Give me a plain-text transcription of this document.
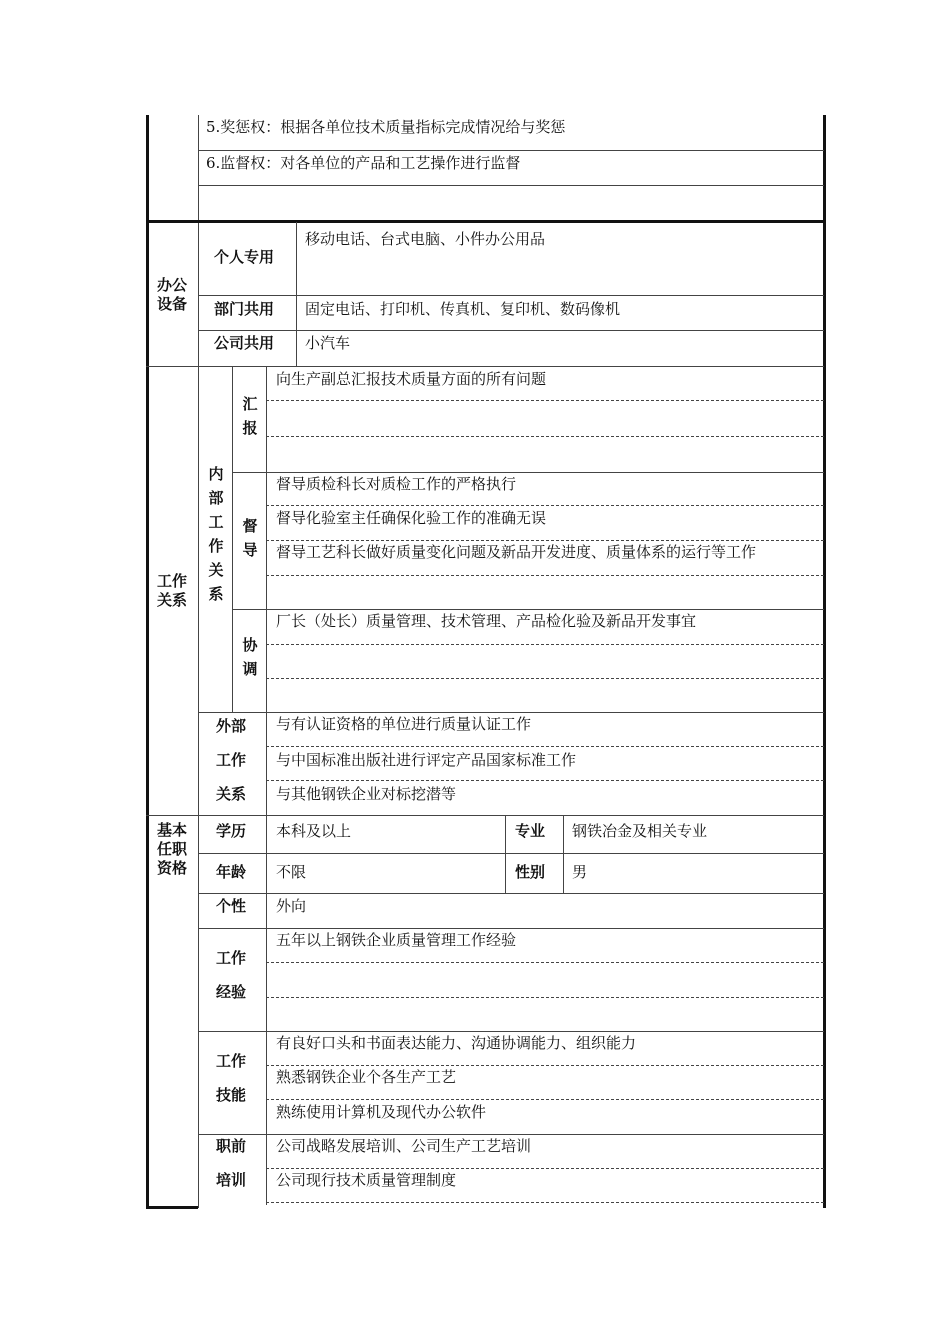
5.奖惩权：根据各单位技术质量指标完成情况给与奖惩
6.监督权：对各单位的产品和工艺操作进行监督
办公设备
个人专用
移动电话、台式电脑、小件办公用品
部门共用 固定电话、打印机、传真机、复印机、数码像机
公司共用 小汽车
工作关系
内部工作关系
汇报
向生产副总汇报技术质量方面的所有问题
督导
督导质检科长对质检工作的严格执行
督导化验室主任确保化验工作的准确无误
督导工艺科长做好质量变化问题及新品开发进度、质量体系的运行等工作
协调
厂长（处长）质量管理、技术管理、产品检化验及新品开发事宜
外部
工作
关系
与有认证资格的单位进行质量认证工作
与中国标准出版社进行评定产品国家标准工作
与其他钢铁企业对标挖潜等
基本任职资格
学历 本科及以上	专业 钢铁冶金及相关专业
年龄 不限	性别 男
个性 外向
工作
经验
五年以上钢铁企业质量管理工作经验
工作
技能
有良好口头和书面表达能力、沟通协调能力、组织能力
熟悉钢铁企业个各生产工艺
熟练使用计算机及现代办公软件
职前
培训
公司战略发展培训、公司生产工艺培训
公司现行技术质量管理制度
